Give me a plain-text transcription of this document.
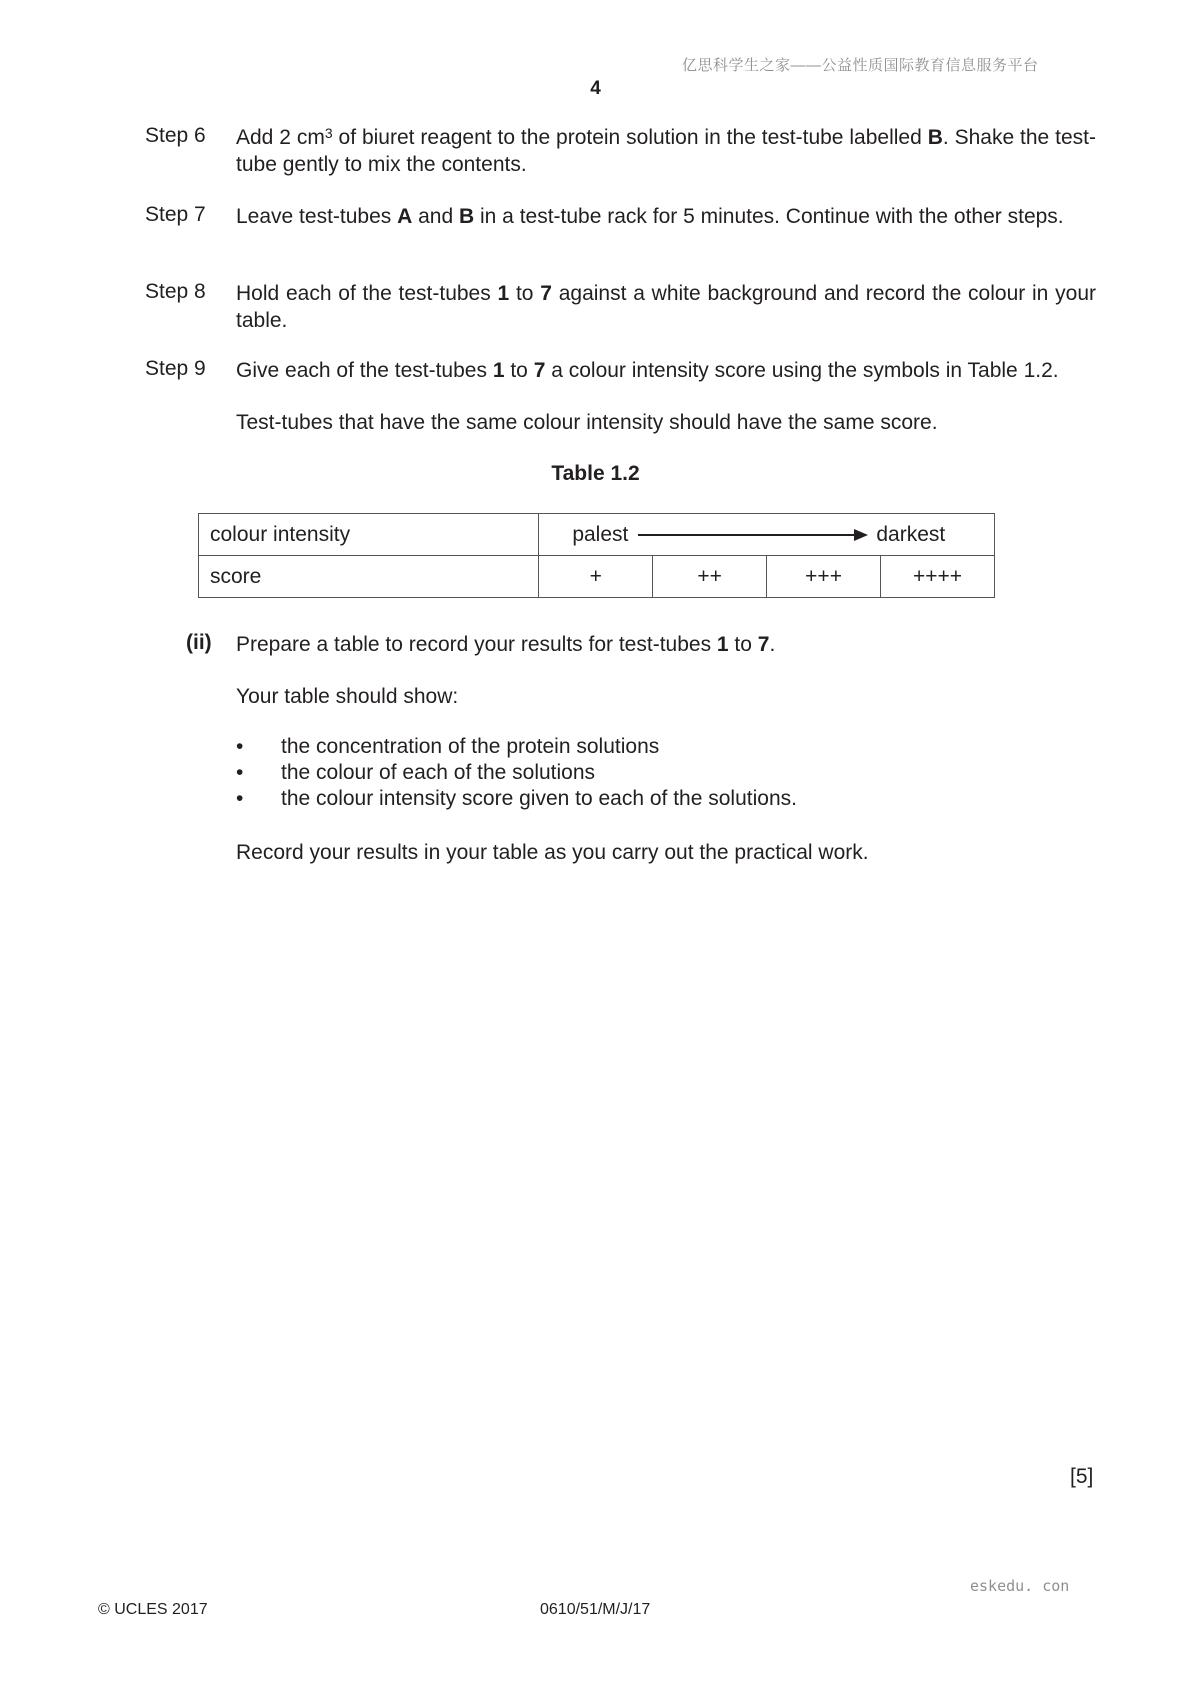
亿思科学生之家——公益性质国际教育信息服务平台
4
Step 6 Add 2 $cm^3$ of biuret reagent to the protein solution in the test-tube labelled B. Shake the test-tube gently to mix the contents.
Step 7 Leave test-tubes A and B in a test-tube rack for 5 minutes. Continue with the other steps.
Step 8 Hold each of the test-tubes 1 to 7 against a white background and record the colour in your table.
Step 9 Give each of the test-tubes 1 to 7 a colour intensity score using the symbols in Table 1.2.
Test-tubes that have the same colour intensity should have the same score.
Table 1.2
colour intensity	palest darkest			

score	+	++	+++	++++
(ii) Prepare a table to record your results for test-tubes 1 to 7.
Your table should show:
• the concentration of the protein solutions
• the colour of each of the solutions
• the colour intensity score given to each of the solutions.
Record your results in your table as you carry out the practical work.
[5]
eskedu. con
© UCLES 2017	0610/51/M/J/17
